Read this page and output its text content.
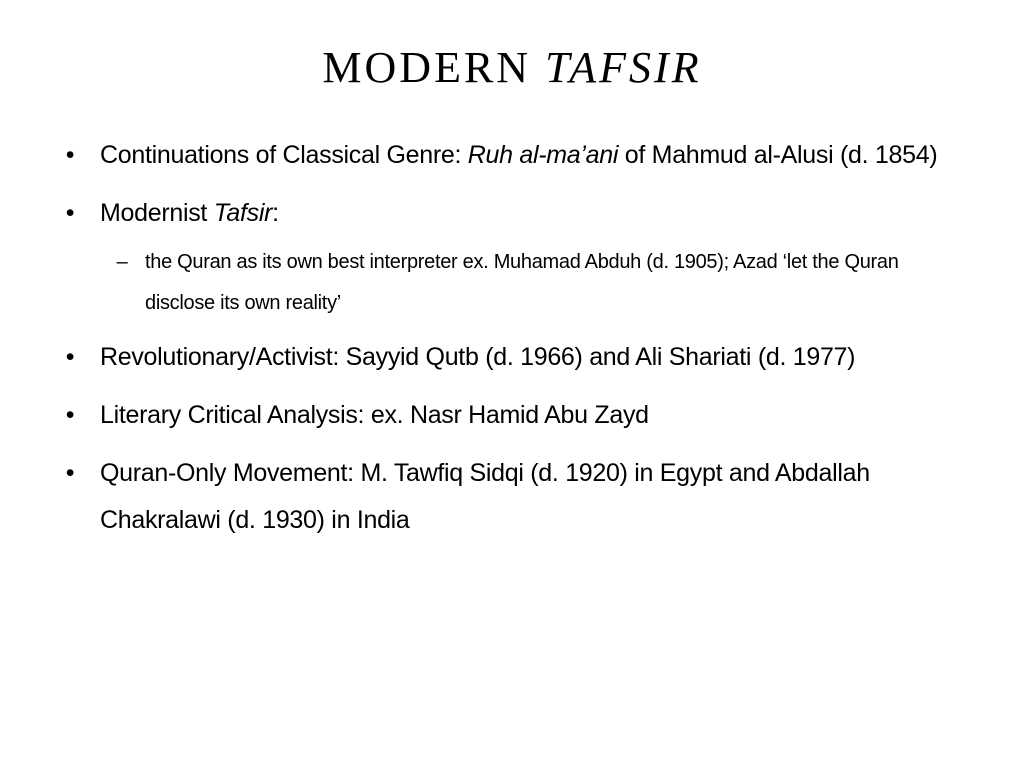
MODERN TAFSIR
• Continuations of Classical Genre: Ruh al-ma’ani of Mahmud al-Alusi (d. 1854)
• Modernist Tafsir:
– the Quran as its own best interpreter ex. Muhamad Abduh (d. 1905); Azad ‘let the Quran disclose its own reality’
• Revolutionary/Activist: Sayyid Qutb (d. 1966) and Ali Shariati (d. 1977)
• Literary Critical Analysis: ex. Nasr Hamid Abu Zayd
• Quran-Only Movement: M. Tawfiq Sidqi (d. 1920) in Egypt and Abdallah Chakralawi (d. 1930) in India
